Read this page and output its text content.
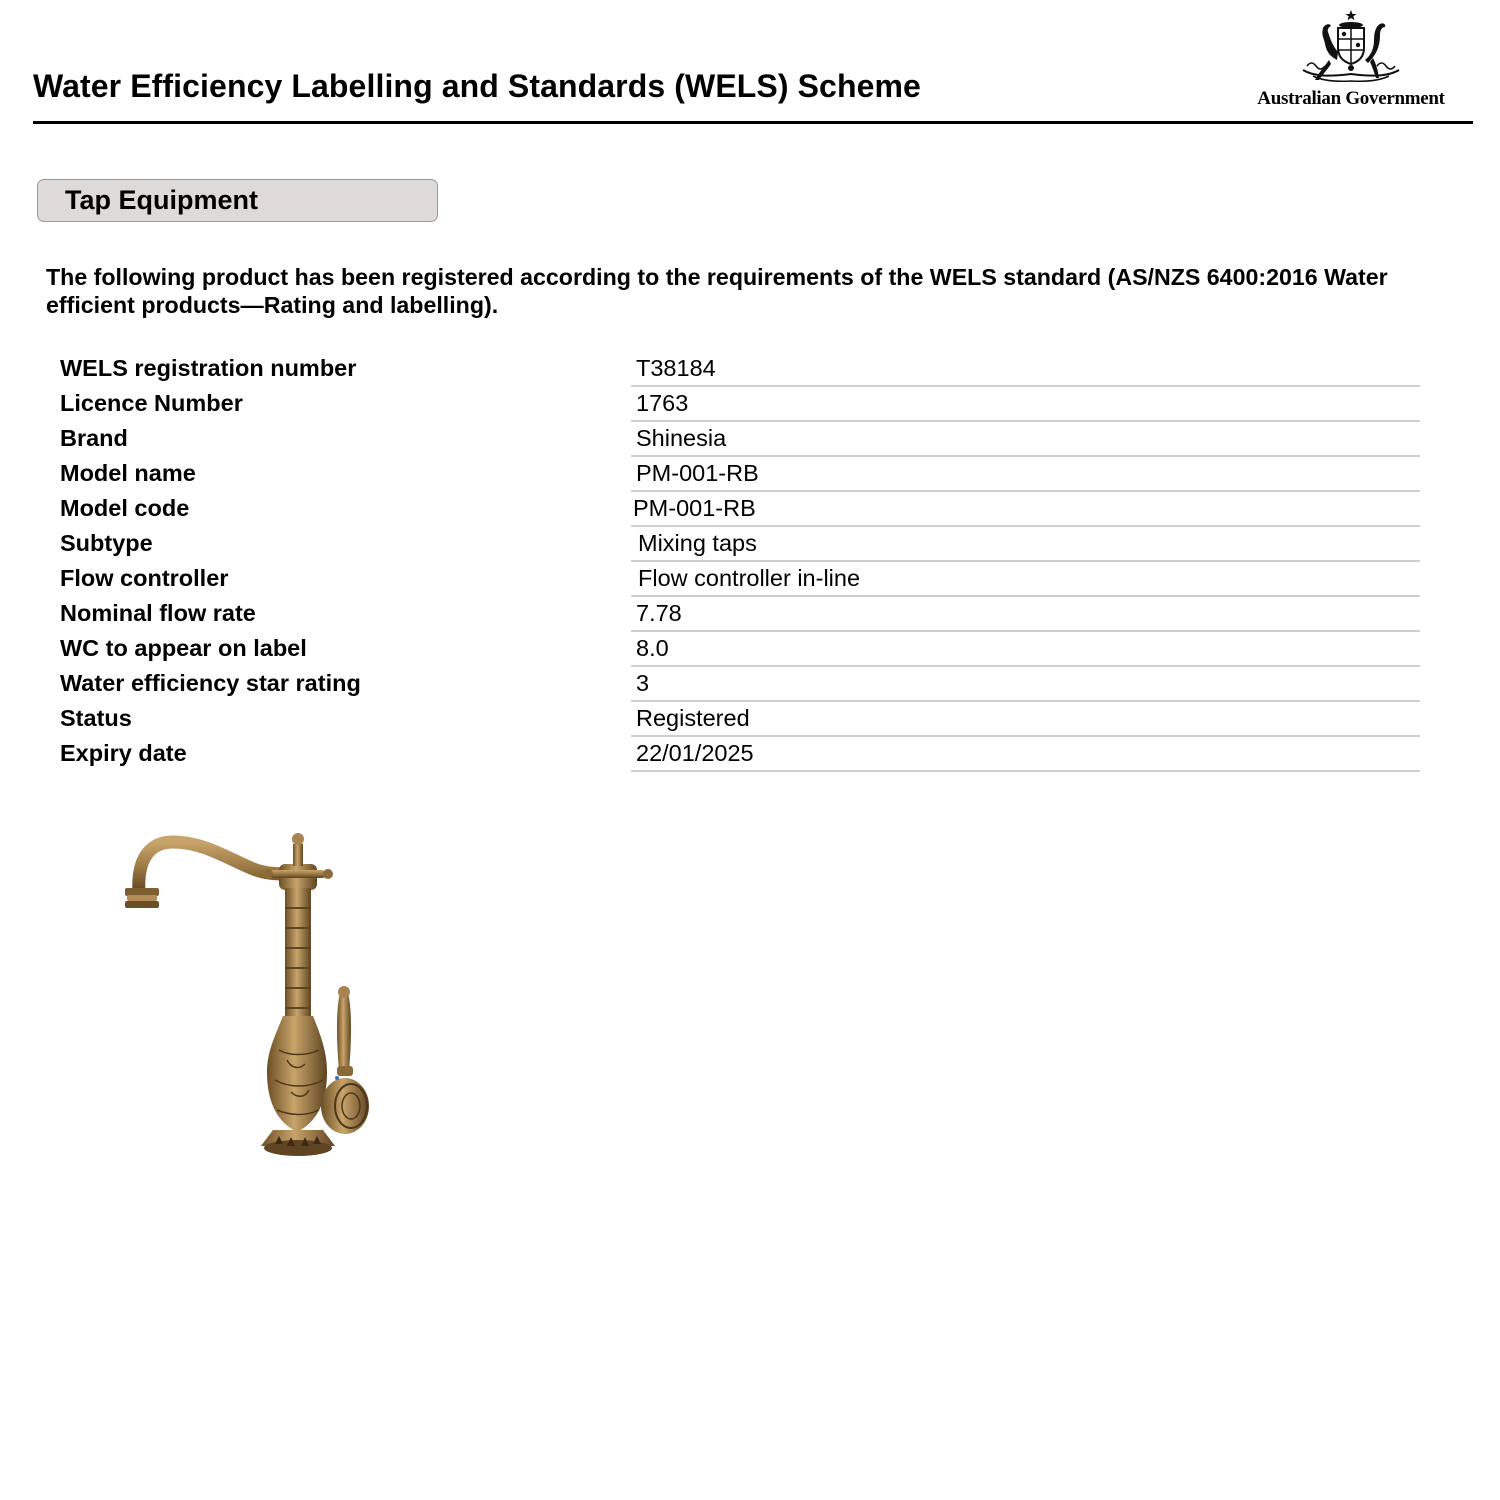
Water Efficiency Labelling and Standards (WELS) Scheme	Australian Government
Tap Equipment
The following product has been registered according to the requirements of the WELS standard (AS/NZS 6400:2016 Water efficient products—Rating and labelling).
WELS registration number	T38184
Licence Number	1763
Brand	Shinesia
Model name	PM-001-RB
Model code	PM-001-RB
Subtype	Mixing taps
Flow controller	Flow controller in-line
Nominal flow rate	7.78
WC to appear on label	8.0
Water efficiency star rating	3
Status	Registered
Expiry date	22/01/2025
